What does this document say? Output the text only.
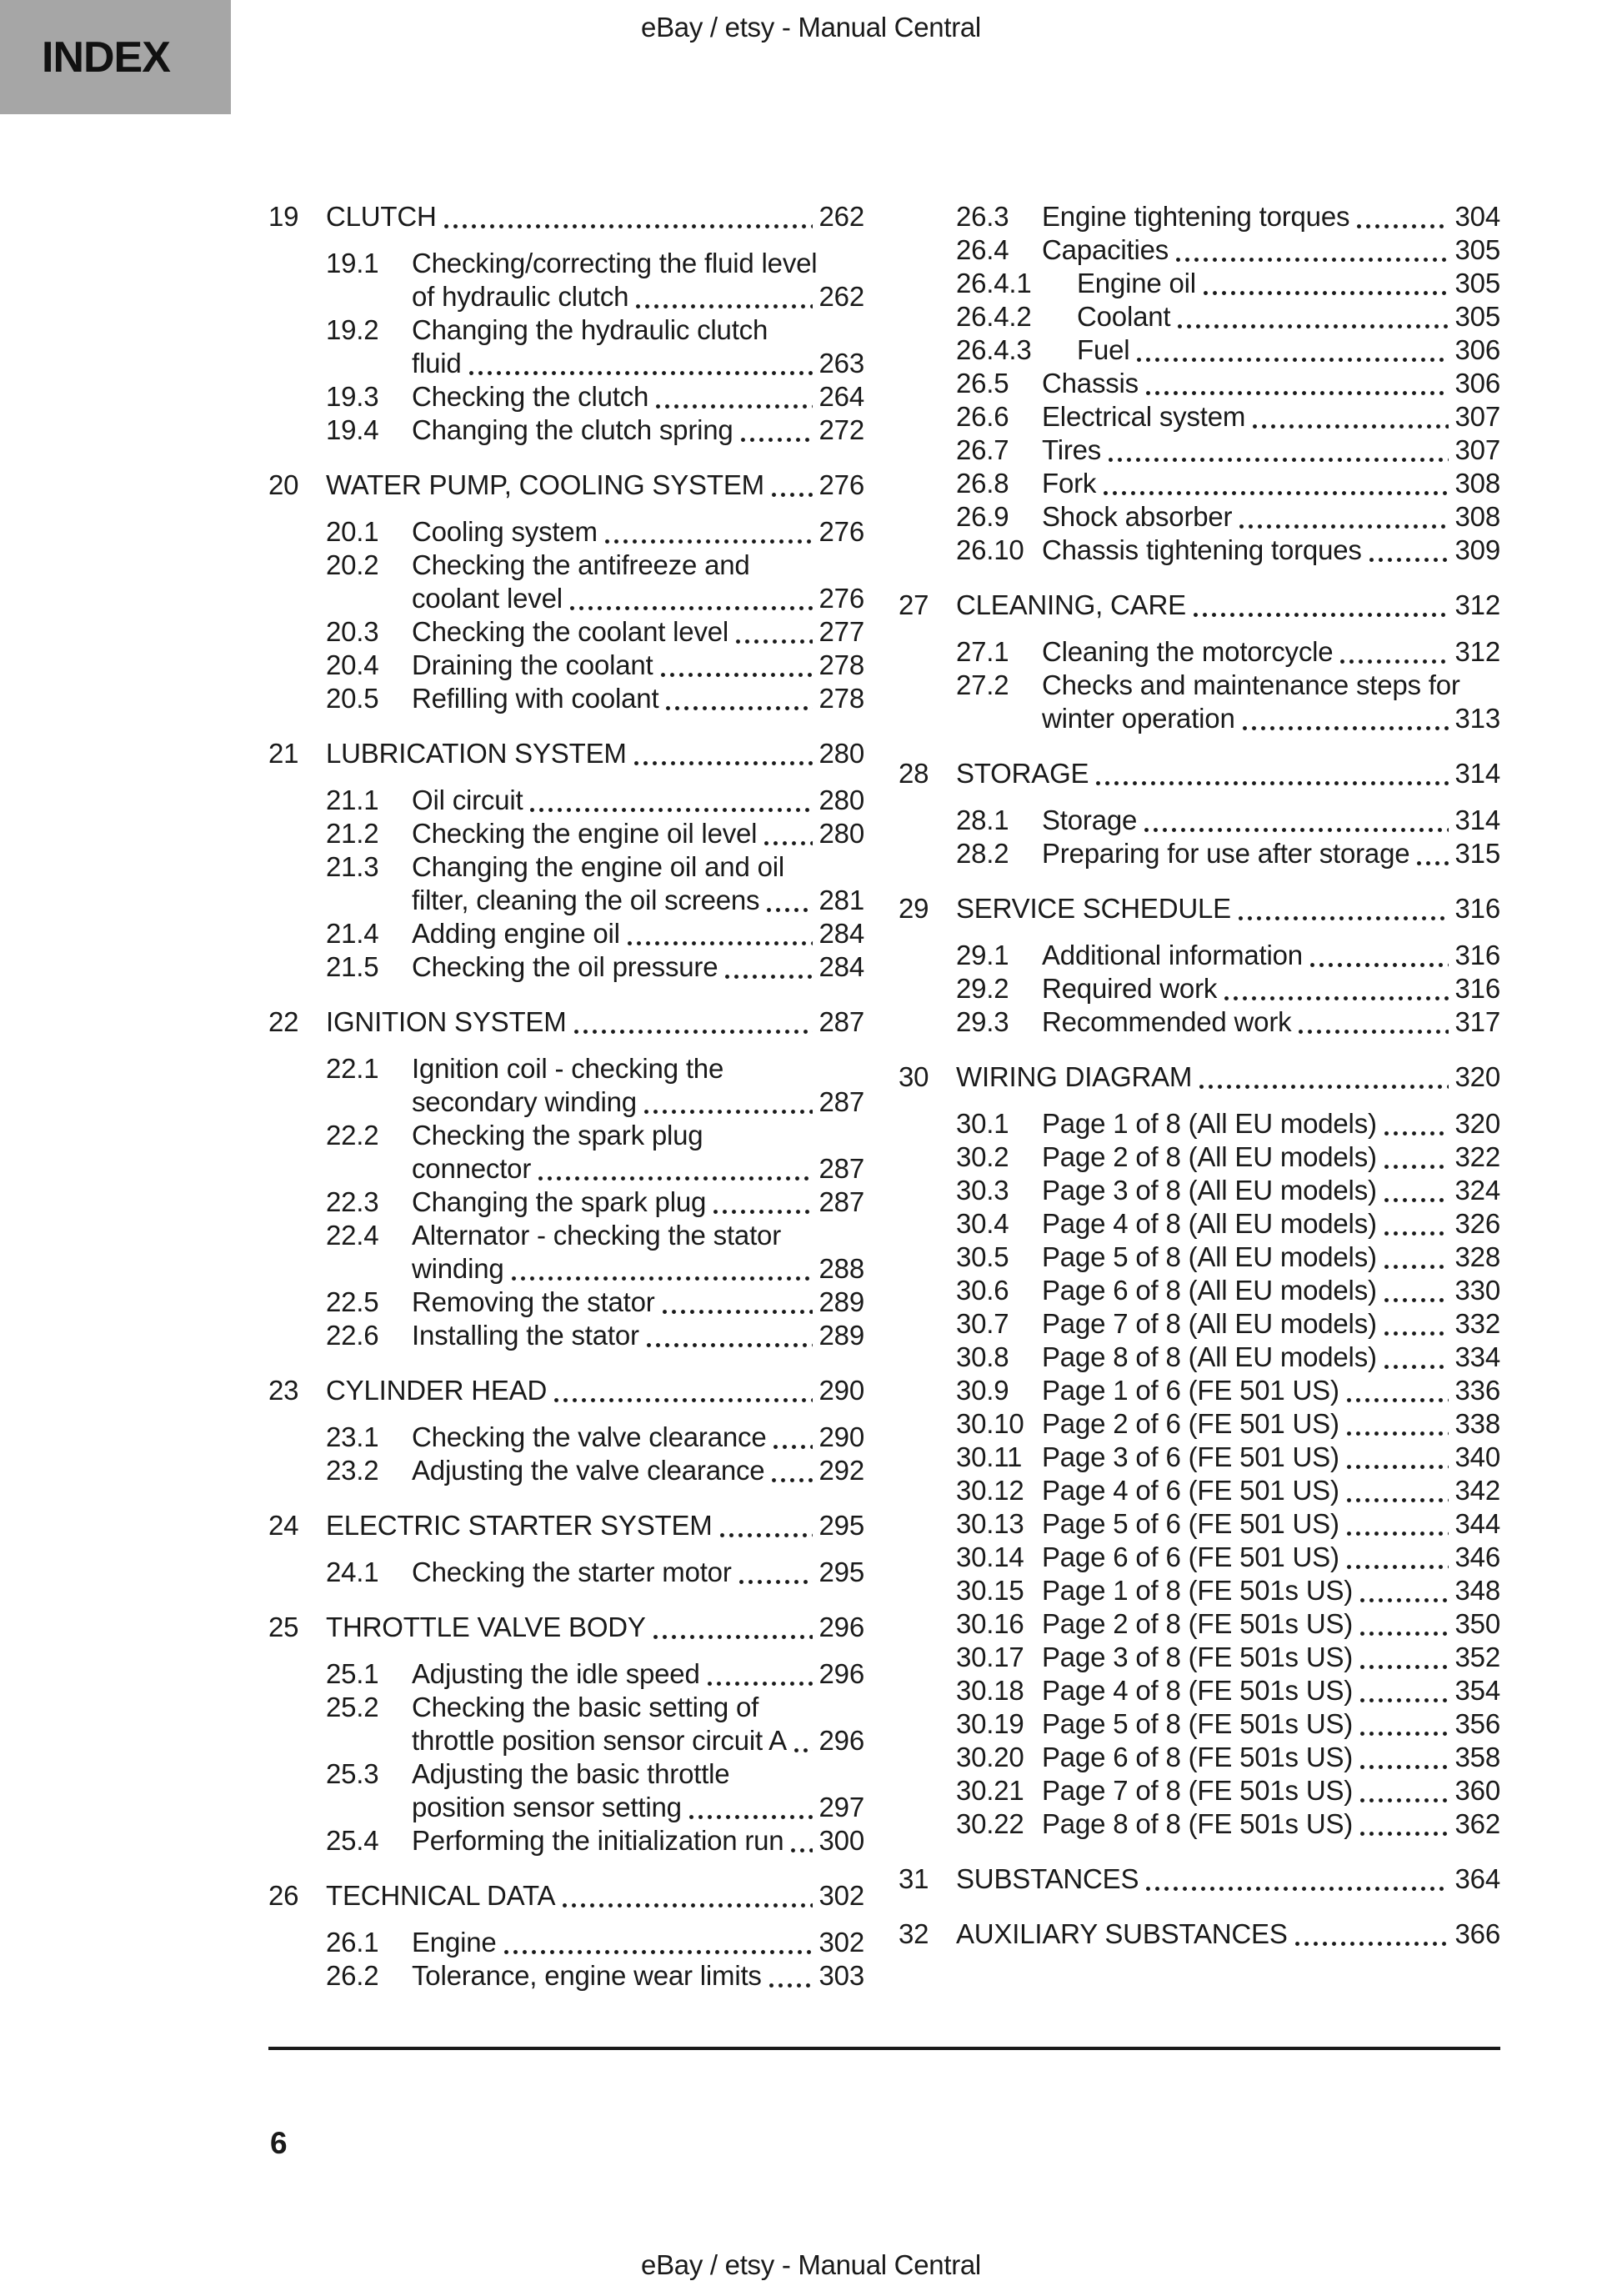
INDEX
eBay / etsy - Manual Central
19 CLUTCH	262
19.1	Checking/correcting the fluid level
of hydraulic clutch	262
19.2	Changing the hydraulic clutch
fluid	263
19.3	Checking the clutch	264
19.4	Changing the clutch spring	272
20 WATER PUMP, COOLING SYSTEM 276
20.1	Cooling system	276
20.2	Checking the antifreeze and
coolant level	276
20.3	Checking the coolant level	277
20.4	Draining the coolant	278
20.5	Refilling with coolant	278
21 LUBRICATION SYSTEM	280
21.1	Oil circuit	280
21.2	Checking the engine oil level 280
21.3	Changing the engine oil and oil
filter, cleaning the oil screens 281
21.4	Adding engine oil	284
21.5	Checking the oil pressure	284
22 IGNITION SYSTEM	287
22.1	Ignition coil - checking the
secondary winding	287
22.2	Checking the spark plug
connector	287
22.3	Changing the spark plug	287
22.4	Alternator - checking the stator
winding	288
22.5	Removing the stator	289
22.6	Installing the stator	289
23 CYLINDER HEAD	290
23.1	Checking the valve clearance 290
23.2	Adjusting the valve clearance 292
24 ELECTRIC STARTER SYSTEM	295
24.1	Checking the starter motor	295
25 THROTTLE VALVE BODY	296
25.1	Adjusting the idle speed	296
25.2	Checking the basic setting of
throttle position sensor circuit A 296
25.3	Adjusting the basic throttle
position sensor setting	297
25.4	Performing the initialization run 300
26 TECHNICAL DATA	302
26.1	Engine	302
26.2	Tolerance, engine wear limits 303
26.3	Engine tightening torques	304
26.4	Capacities	305
26.4.1	Engine oil	305
26.4.2	Coolant	305
26.4.3	Fuel	306
26.5	Chassis	306
26.6	Electrical system	307
26.7	Tires	307
26.8	Fork	308
26.9	Shock absorber	308
26.10 Chassis tightening torques	309
27 CLEANING, CARE	312
27.1	Cleaning the motorcycle	312
27.2	Checks and maintenance steps for
winter operation	313
28 STORAGE	314
28.1	Storage	314
28.2	Preparing for use after storage 315
29 SERVICE SCHEDULE	316
29.1	Additional information	316
29.2	Required work	316
29.3	Recommended work	317
30 WIRING DIAGRAM	320
30.1	Page 1 of 8 (All EU models)	320
30.2	Page 2 of 8 (All EU models)	322
30.3	Page 3 of 8 (All EU models)	324
30.4	Page 4 of 8 (All EU models)	326
30.5	Page 5 of 8 (All EU models)	328
30.6	Page 6 of 8 (All EU models)	330
30.7	Page 7 of 8 (All EU models)	332
30.8	Page 8 of 8 (All EU models)	334
30.9	Page 1 of 6 (FE 501 US)	336
30.10 Page 2 of 6 (FE 501 US)	338
30.11 Page 3 of 6 (FE 501 US)	340
30.12 Page 4 of 6 (FE 501 US)	342
30.13 Page 5 of 6 (FE 501 US)	344
30.14 Page 6 of 6 (FE 501 US)	346
30.15 Page 1 of 8 (FE 501s US)	348
30.16 Page 2 of 8 (FE 501s US)	350
30.17 Page 3 of 8 (FE 501s US)	352
30.18 Page 4 of 8 (FE 501s US)	354
30.19 Page 5 of 8 (FE 501s US)	356
30.20 Page 6 of 8 (FE 501s US)	358
30.21 Page 7 of 8 (FE 501s US)	360
30.22 Page 8 of 8 (FE 501s US)	362
31 SUBSTANCES	364
32 AUXILIARY SUBSTANCES	366
6
eBay / etsy - Manual Central
